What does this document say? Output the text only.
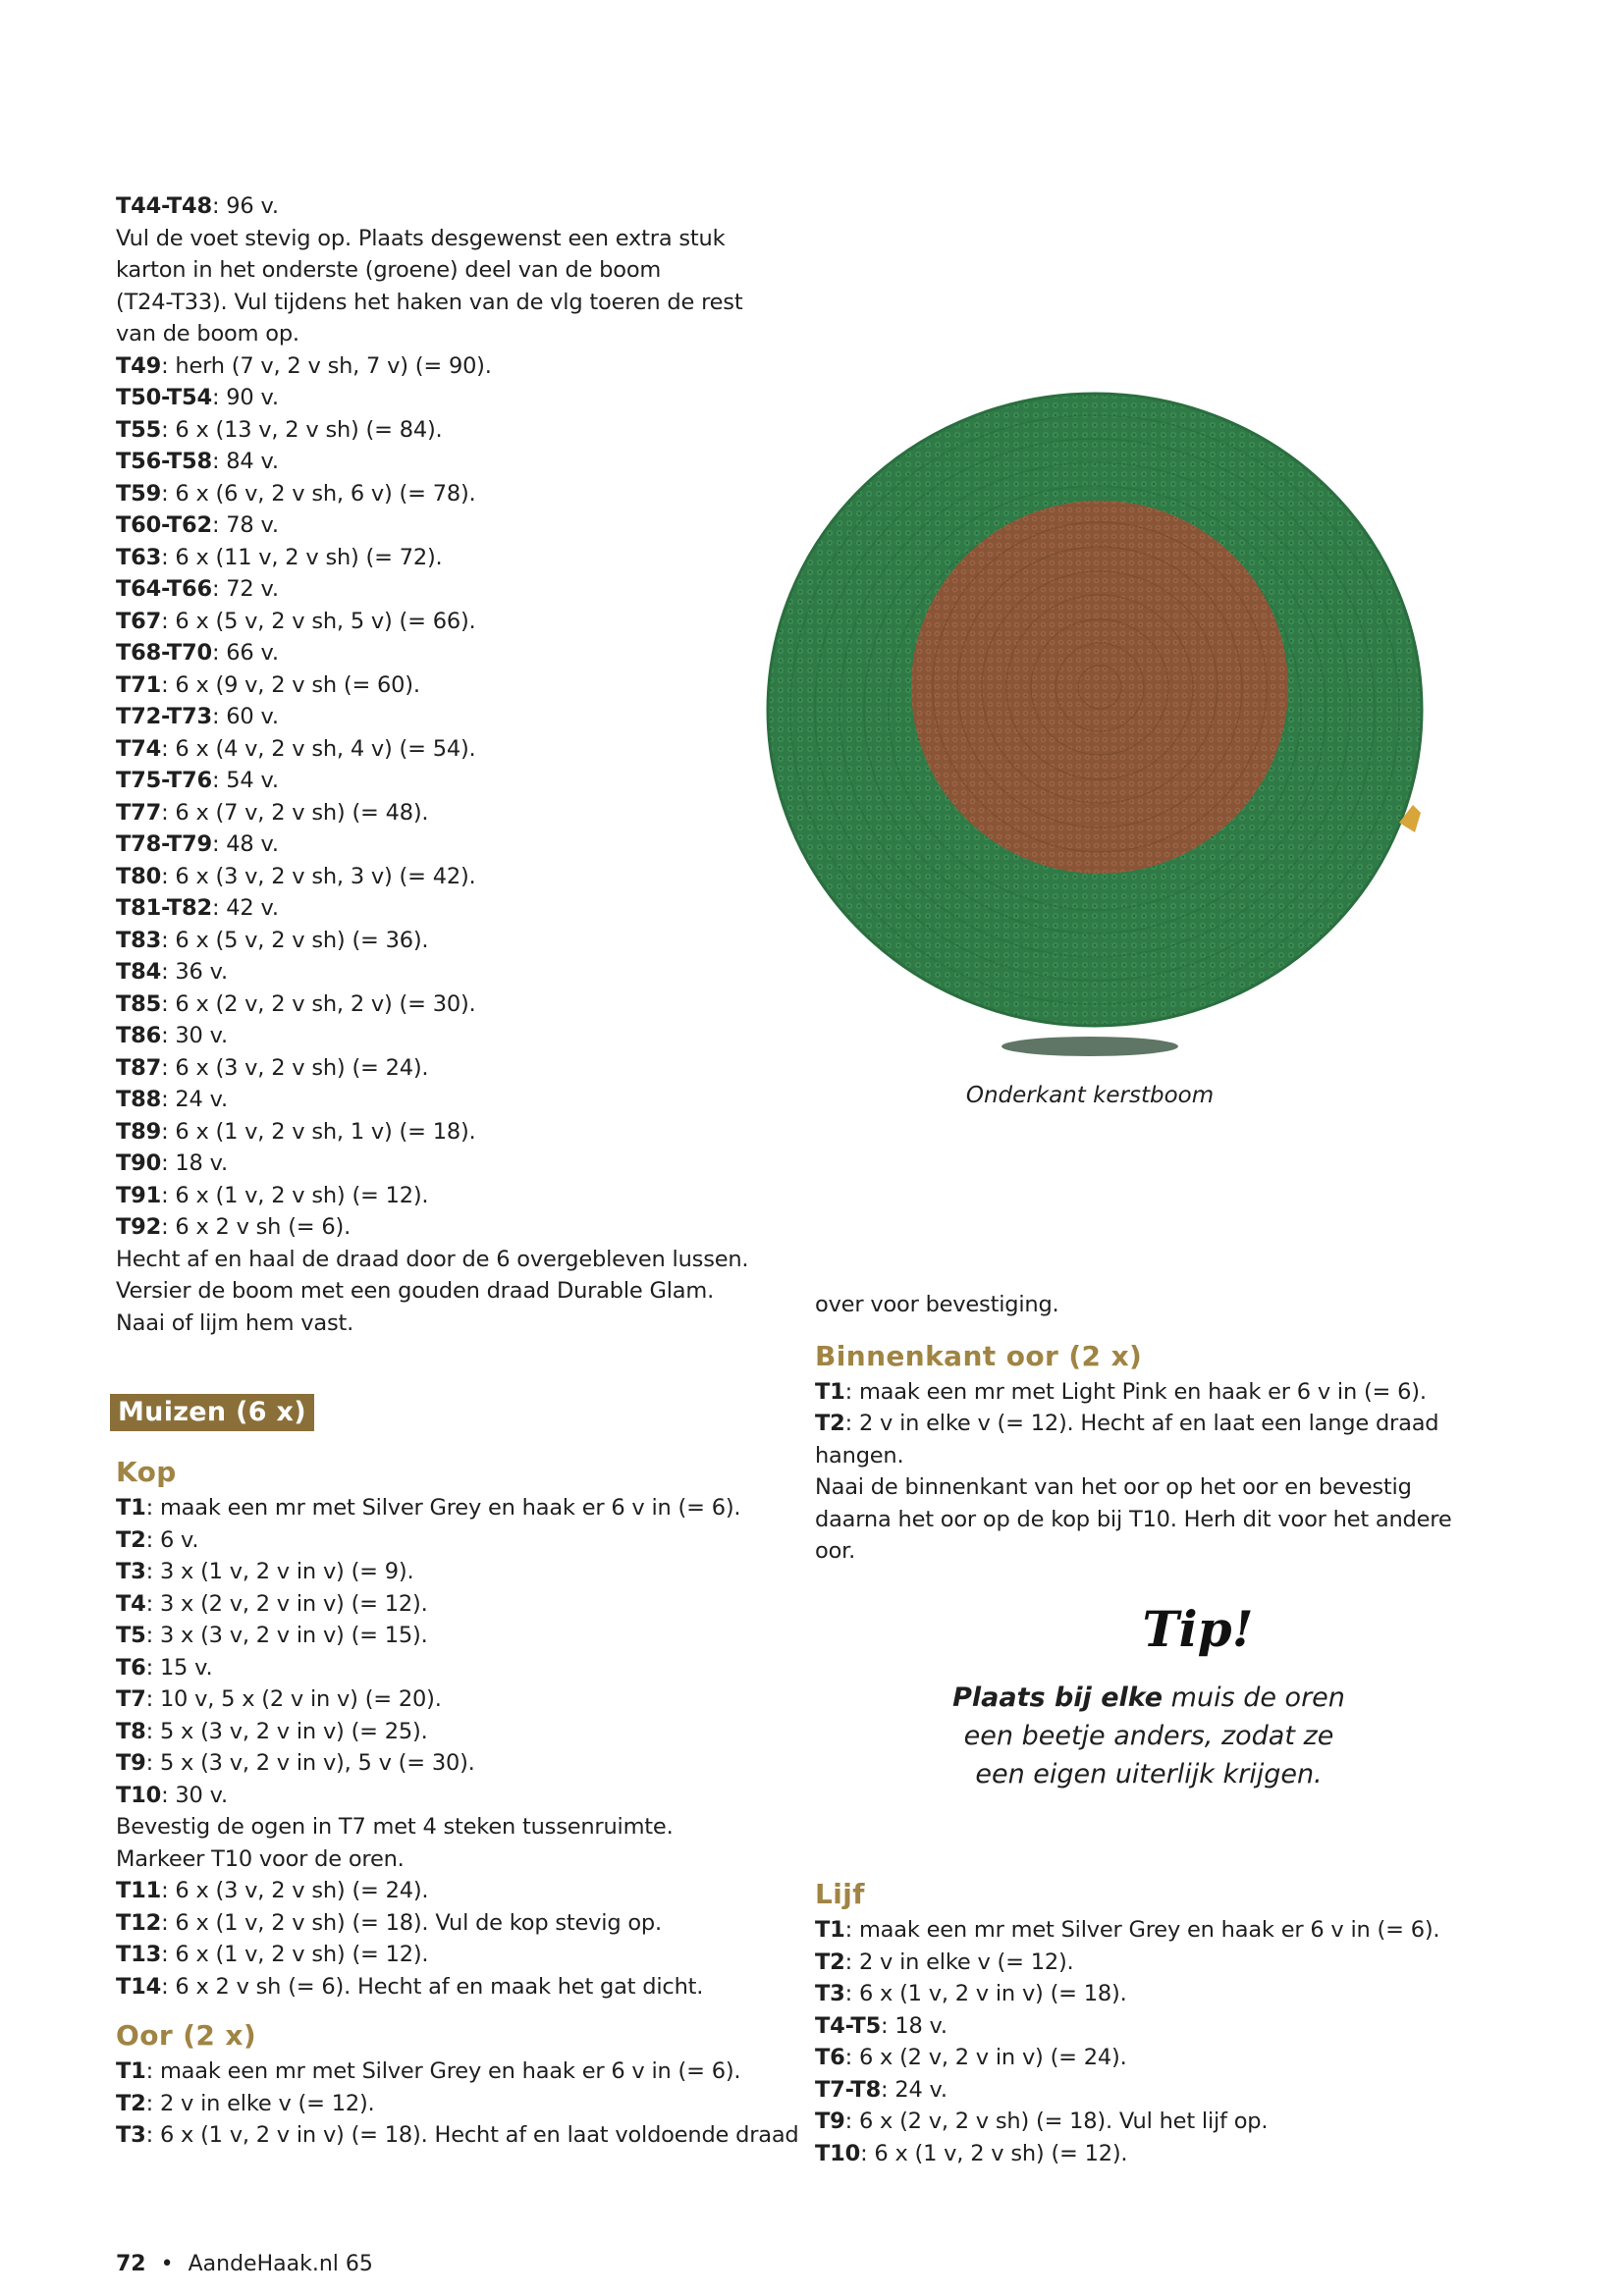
T44-T48: 96 v.
Vul de voet stevig op. Plaats desgewenst een extra stuk
karton in het onderste (groene) deel van de boom
(T24-T33). Vul tijdens het haken van de vlg toeren de rest
van de boom op.
T49: herh (7 v, 2 v sh, 7 v) (= 90).
T50-T54: 90 v.
T55: 6 x (13 v, 2 v sh) (= 84).
T56-T58: 84 v.
T59: 6 x (6 v, 2 v sh, 6 v) (= 78).
T60-T62: 78 v.
T63: 6 x (11 v, 2 v sh) (= 72).
T64-T66: 72 v.
T67: 6 x (5 v, 2 v sh, 5 v) (= 66).
T68-T70: 66 v.
T71: 6 x (9 v, 2 v sh (= 60).
T72-T73: 60 v.
T74: 6 x (4 v, 2 v sh, 4 v) (= 54).
T75-T76: 54 v.
T77: 6 x (7 v, 2 v sh) (= 48).
T78-T79: 48 v.
T80: 6 x (3 v, 2 v sh, 3 v) (= 42).
T81-T82: 42 v.
T83: 6 x (5 v, 2 v sh) (= 36).
T84: 36 v.
T85: 6 x (2 v, 2 v sh, 2 v) (= 30).
T86: 30 v.
T87: 6 x (3 v, 2 v sh) (= 24).
T88: 24 v.
T89: 6 x (1 v, 2 v sh, 1 v) (= 18).
T90: 18 v.
T91: 6 x (1 v, 2 v sh) (= 12).
T92: 6 x 2 v sh (= 6).
Hecht af en haal de draad door de 6 overgebleven lussen.
Versier de boom met een gouden draad Durable Glam.
Naai of lijm hem vast.
Muizen (6 x)
Kop
T1: maak een mr met Silver Grey en haak er 6 v in (= 6).
T2: 6 v.
T3: 3 x (1 v, 2 v in v) (= 9).
T4: 3 x (2 v, 2 v in v) (= 12).
T5: 3 x (3 v, 2 v in v) (= 15).
T6: 15 v.
T7: 10 v, 5 x (2 v in v) (= 20).
T8: 5 x (3 v, 2 v in v) (= 25).
T9: 5 x (3 v, 2 v in v), 5 v (= 30).
T10: 30 v.
Bevestig de ogen in T7 met 4 steken tussenruimte.
Markeer T10 voor de oren.
T11: 6 x (3 v, 2 v sh) (= 24).
T12: 6 x (1 v, 2 v sh) (= 18). Vul de kop stevig op.
T13: 6 x (1 v, 2 v sh) (= 12).
T14: 6 x 2 v sh (= 6). Hecht af en maak het gat dicht.
Oor (2 x)
T1: maak een mr met Silver Grey en haak er 6 v in (= 6).
T2: 2 v in elke v (= 12).
T3: 6 x (1 v, 2 v in v) (= 18). Hecht af en laat voldoende draad
Onderkant kerstboom
over voor bevestiging.
Binnenkant oor (2 x)
T1: maak een mr met Light Pink en haak er 6 v in (= 6).
T2: 2 v in elke v (= 12). Hecht af en laat een lange draad
hangen.
Naai de binnenkant van het oor op het oor en bevestig
daarna het oor op de kop bij T10. Herh dit voor het andere
oor.
Tip!
Plaats bij elke muis de oren
een beetje anders, zodat ze
een eigen uiterlijk krijgen.
Lijf
T1: maak een mr met Silver Grey en haak er 6 v in (= 6).
T2: 2 v in elke v (= 12).
T3: 6 x (1 v, 2 v in v) (= 18).
T4-T5: 18 v.
T6: 6 x (2 v, 2 v in v) (= 24).
T7-T8: 24 v.
T9: 6 x (2 v, 2 v sh) (= 18). Vul het lijf op.
T10: 6 x (1 v, 2 v sh) (= 12).
72 • AandeHaak.nl 65
